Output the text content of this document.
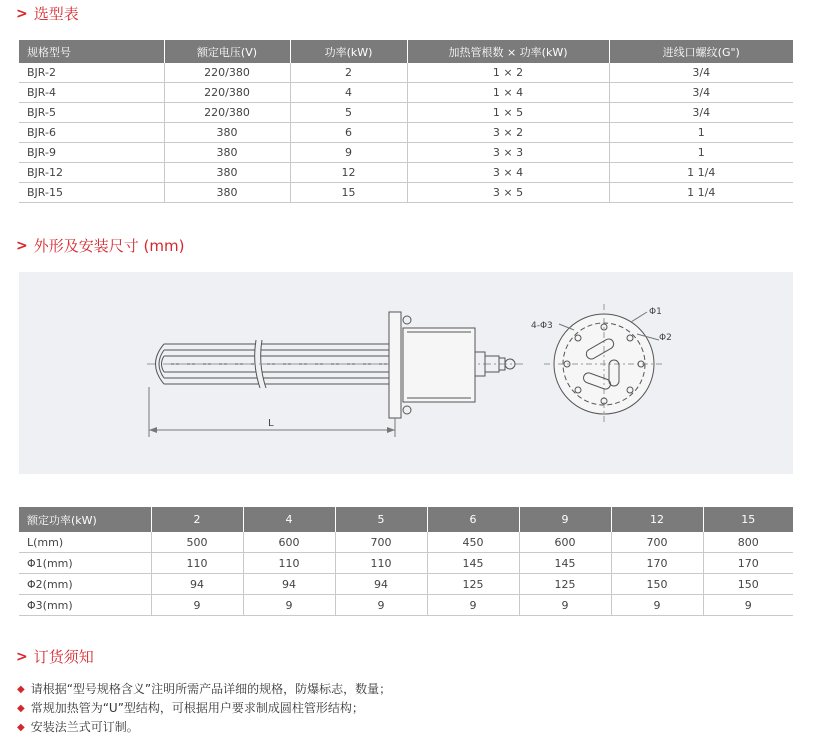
> 选型表
规格型号	额定电压(V)	功率(kW)	加热管根数 × 功率(kW)	进线口螺纹(G")
BJR-2	220/380	2	1 × 2	3/4
BJR-4	220/380	4	1 × 4	3/4
BJR-5	220/380	5	1 × 5	3/4
BJR-6	380	6	3 × 2	1
BJR-9	380	9	3 × 3	1
BJR-12	380	12	3 × 4	1 1/4
BJR-15	380	15	3 × 5	1 1/4
> 外形及安装尺寸 (mm)
L
4-Φ3
Φ1
Φ2
额定功率(kW)	2	4	5	6	9	12	15
L(mm)	500	600	700	450	600	700	800
Φ1(mm)	110	110	110	145	145	170	170
Φ2(mm)	94	94	94	125	125	150	150
Φ3(mm)	9	9	9	9	9	9	9
> 订货须知
◆ 请根据“型号规格含义”注明所需产品详细的规格，防爆标志，数量；
◆ 常规加热管为“U”型结构，可根据用户要求制成圆柱管形结构；
◆ 安装法兰式可订制。
